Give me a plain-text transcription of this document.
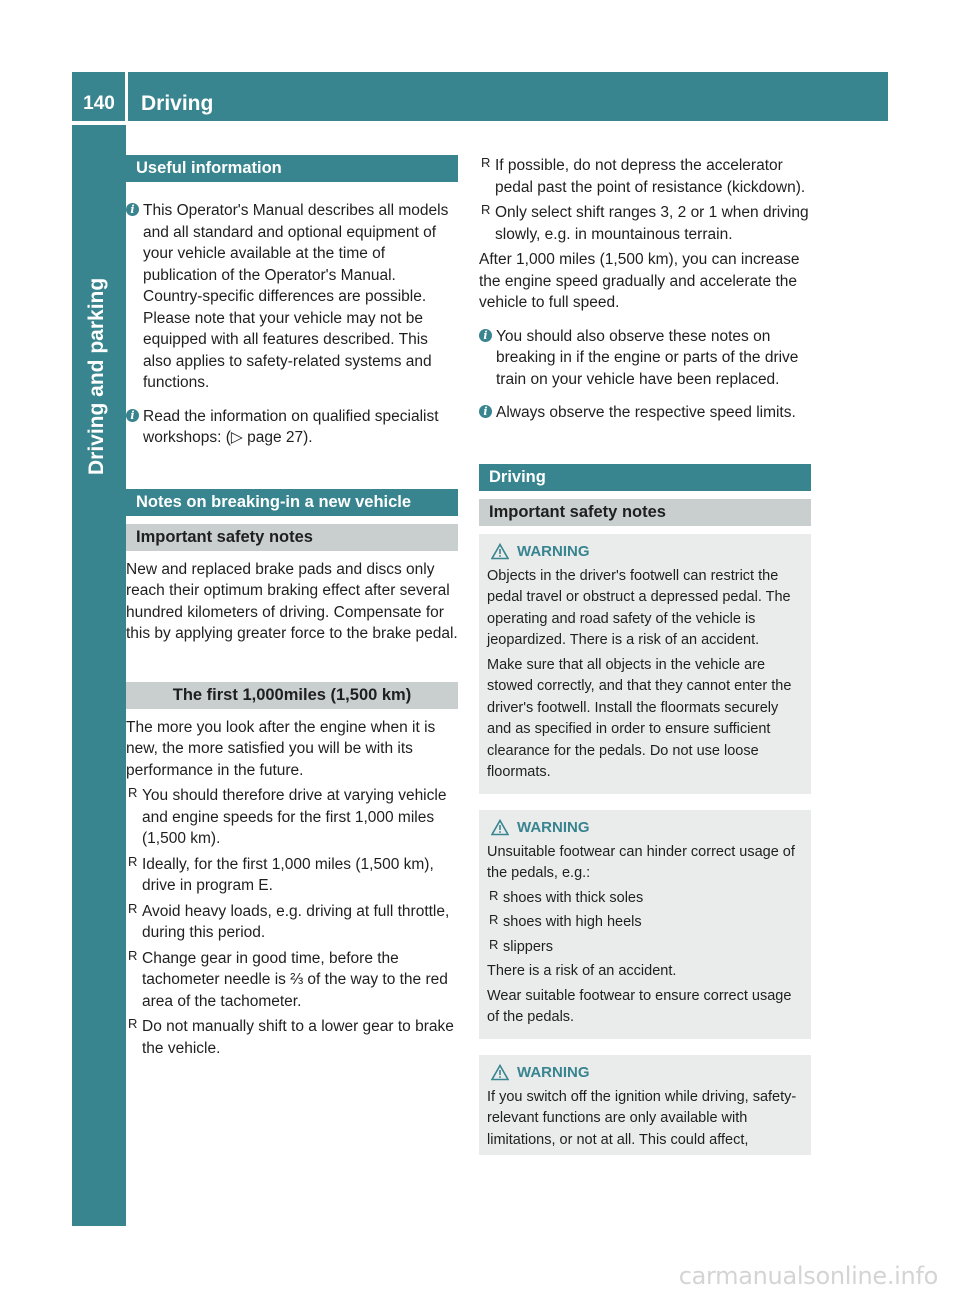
140	Driving
Driving and parking
Useful information
i This Operator's Manual describes all models and all standard and optional equipment of your vehicle available at the time of publication of the Operator's Manual. Country-specific differences are possible. Please note that your vehicle may not be equipped with all features described. This also applies to safety-related systems and functions.

i Read the information on qualified specialist workshops: (▷ page 27).

Notes on breaking-in a new vehicle
Important safety notes

New and replaced brake pads and discs only reach their optimum braking effect after several hundred kilometers of driving. Compensate for this by applying greater force to the brake pedal.

The first 1,000miles (1,500 km)

The more you look after the engine when it is new, the more satisfied you will be with its performance in the future.

R You should therefore drive at varying vehicle and engine speeds for the first 1,000 miles (1,500 km).

R Ideally, for the first 1,000 miles (1,500 km), drive in program E.

R Avoid heavy loads, e.g. driving at full throttle, during this period.

R Change gear in good time, before the tachometer needle is ⅔ of the way to the red area of the tachometer.

R Do not manually shift to a lower gear to brake the vehicle.

R If possible, do not depress the accelerator pedal past the point of resistance (kickdown).

R Only select shift ranges 3, 2 or 1 when driving slowly, e.g. in mountainous terrain.

After 1,000 miles (1,500 km), you can increase the engine speed gradually and accelerate the vehicle to full speed.

i You should also observe these notes on breaking in if the engine or parts of the drive train on your vehicle have been replaced.

i Always observe the respective speed limits.

Driving
Important safety notes
WARNING

Objects in the driver's footwell can restrict the pedal travel or obstruct a depressed pedal. The operating and road safety of the vehicle is jeopardized. There is a risk of an accident.

Make sure that all objects in the vehicle are stowed correctly, and that they cannot enter the driver's footwell. Install the floormats securely and as specified in order to ensure sufficient clearance for the pedals. Do not use loose floormats.

WARNING

Unsuitable footwear can hinder correct usage of the pedals, e.g.:

R shoes with thick soles

R shoes with high heels

R slippers

There is a risk of an accident.

Wear suitable footwear to ensure correct usage of the pedals.

WARNING

If you switch off the ignition while driving, safety-relevant functions are only available with limitations, or not at all. This could affect,

carmanualsonline.info
